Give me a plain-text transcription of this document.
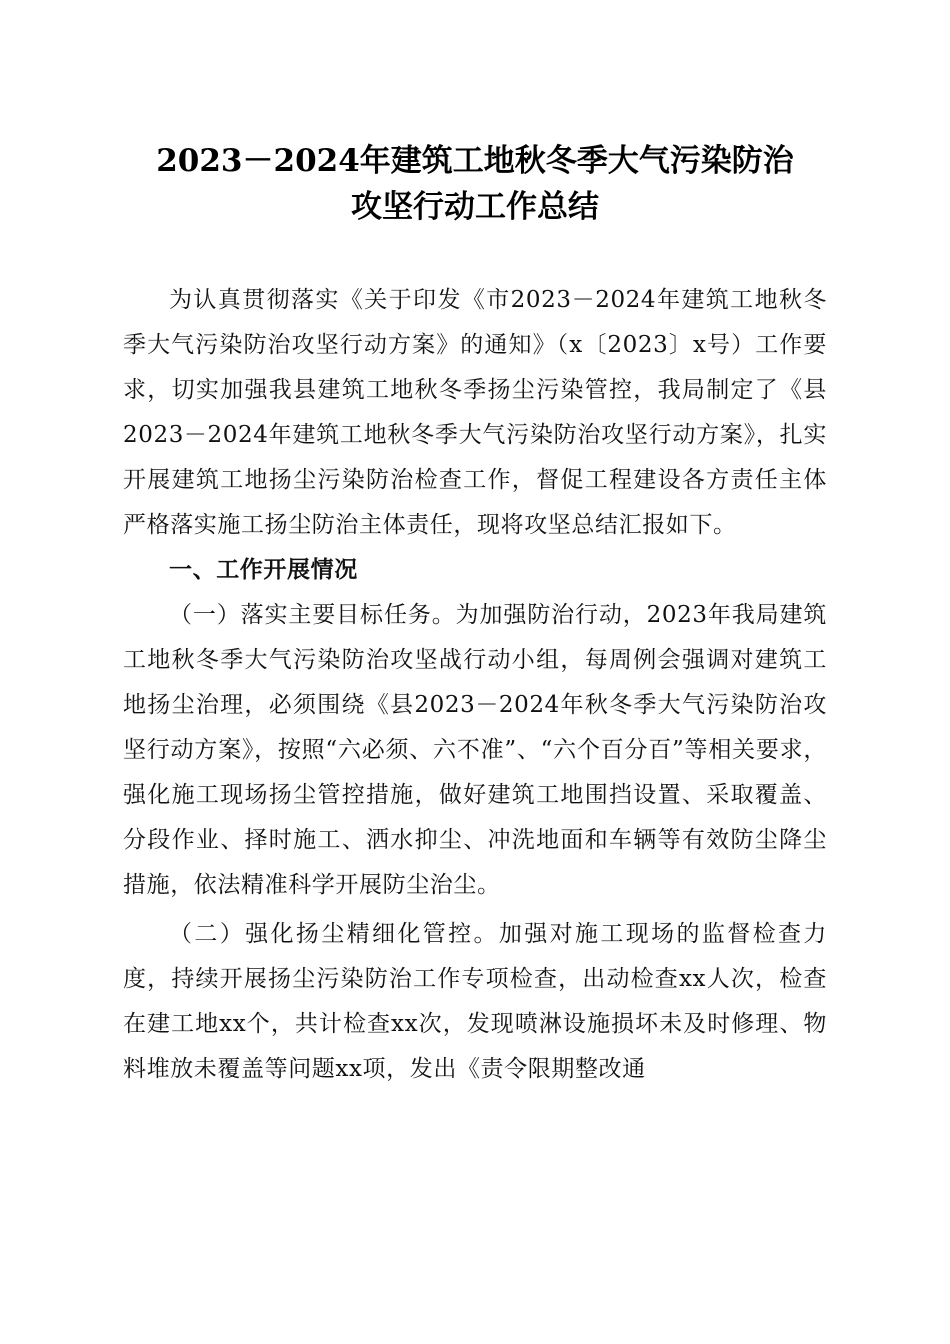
2023－2024年建筑工地秋冬季大气污染防治
攻坚行动工作总结

为认真贯彻落实《关于印发《市2023－2024年建筑工地秋冬季大气污染防治攻坚行动方案》的通知》（x〔2023〕x号）工作要求，切实加强我县建筑工地秋冬季扬尘污染管控，我局制定了《县2023－2024年建筑工地秋冬季大气污染防治攻坚行动方案》，扎实开展建筑工地扬尘污染防治检查工作，督促工程建设各方责任主体严格落实施工扬尘防治主体责任，现将攻坚总结汇报如下。

一、工作开展情况

（一）落实主要目标任务。为加强防治行动，2023年我局建筑工地秋冬季大气污染防治攻坚战行动小组，每周例会强调对建筑工地扬尘治理，必须围绕《县2023－2024年秋冬季大气污染防治攻坚行动方案》，按照“六必须、六不准”、“六个百分百”等相关要求，强化施工现场扬尘管控措施，做好建筑工地围挡设置、采取覆盖、分段作业、择时施工、洒水抑尘、冲洗地面和车辆等有效防尘降尘措施，依法精准科学开展防尘治尘。

（二）强化扬尘精细化管控。加强对施工现场的监督检查力度，持续开展扬尘污染防治工作专项检查，出动检查xx人次，检查在建工地xx个，共计检查xx次，发现喷淋设施损坏未及时修理、物料堆放未覆盖等问题xx项，发出《责令限期整改通
